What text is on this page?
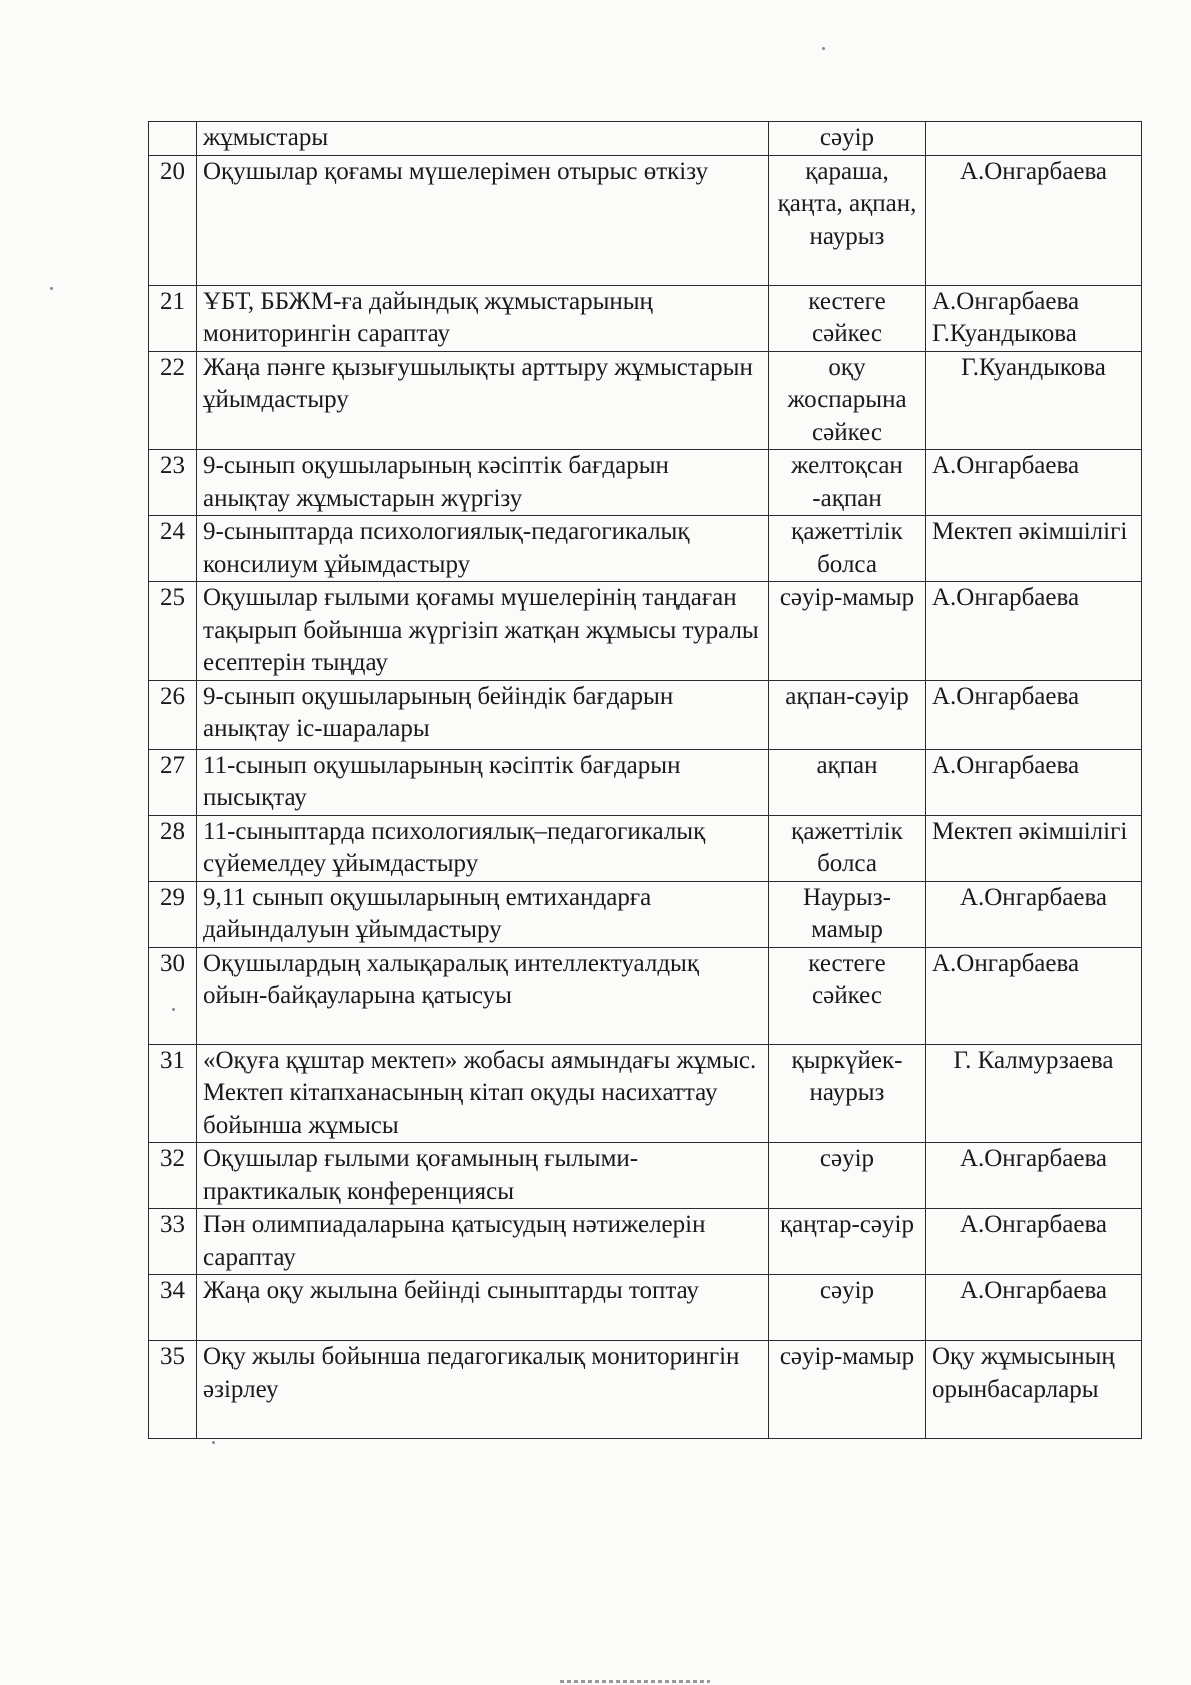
	жұмыстары	сәуір	
20	Оқушылар қоғамы мүшелерімен отырыс өткізу	қараша, қаңта, ақпан, наурыз	А.Онгарбаева
21	ҰБТ, ББЖМ-ға дайындық жұмыстарының мониторингін сараптау	кестеге сәйкес	А.Онгарбаева Г.Куандыкова
22	Жаңа пәнге қызығушылықты арттыру жұмыстарын ұйымдастыру	оқу жоспарына сәйкес	Г.Куандыкова
23	9-сынып оқушыларының кәсіптік бағдарын анықтау жұмыстарын жүргізу	желтоқсан -ақпан	А.Онгарбаева
24	9-сыныптарда психологиялық-педагогикалық консилиум ұйымдастыру	қажеттілік болса	Мектеп әкімшілігі
25	Оқушылар ғылыми қоғамы мүшелерінің таңдаған тақырып бойынша жүргізіп жатқан жұмысы туралы есептерін тыңдау	сәуір-мамыр	А.Онгарбаева
26	9-сынып оқушыларының бейіндік бағдарын анықтау іс-шаралары	ақпан-сәуір	А.Онгарбаева
27	11-сынып оқушыларының кәсіптік бағдарын пысықтау	ақпан	А.Онгарбаева
28	11-сыныптарда психологиялық–педагогикалық сүйемелдеу ұйымдастыру	қажеттілік болса	Мектеп әкімшілігі
29	9,11 сынып оқушыларының емтихандарға дайындалуын ұйымдастыру	Наурыз-мамыр	А.Онгарбаева
30	Оқушылардың халықаралық интеллектуалдық ойын-байқауларына қатысуы	кестеге сәйкес	А.Онгарбаева
31	«Оқуға құштар мектеп» жобасы аямындағы жұмыс. Мектеп кітапханасының кітап оқуды насихаттау бойынша жұмысы	қыркүйек-наурыз	Г. Калмурзаева
32	Оқушылар ғылыми қоғамының ғылыми-практикалық конференциясы	сәуір	А.Онгарбаева
33	Пән олимпиадаларына қатысудың нәтижелерін сараптау	қаңтар-сәуір	А.Онгарбаева
34	Жаңа оқу жылына бейінді сыныптарды топтау	сәуір	А.Онгарбаева
35	Оқу жылы бойынша педагогикалық мониторингін әзірлеу	сәуір-мамыр	Оқу жұмысының орынбасарлары
